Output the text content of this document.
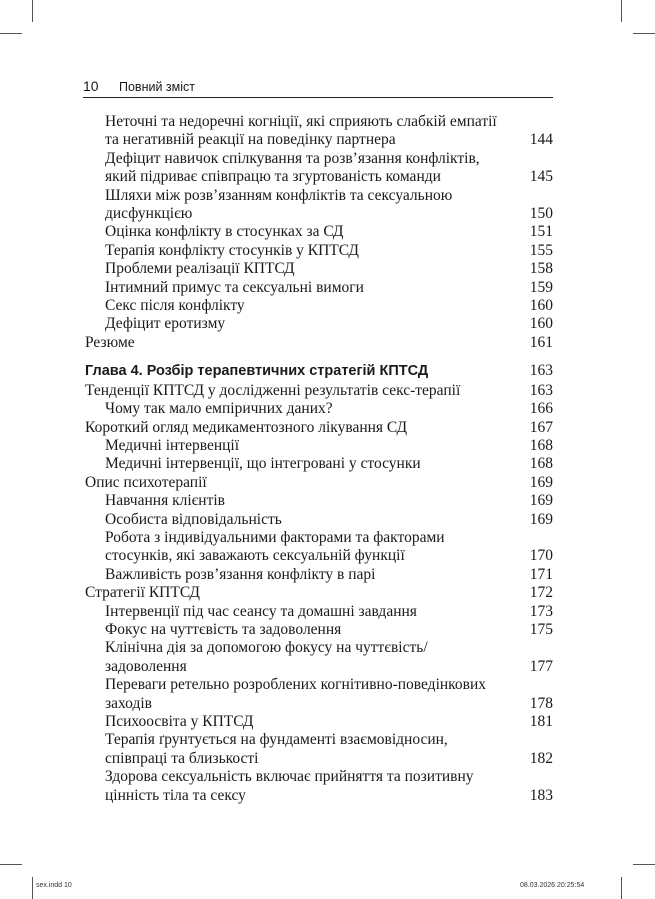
10 Повний зміст
Неточні та недоречні когніції, які сприяють слабкій емпатії та негативній реакції на поведінку партнера	144
Дефіцит навичок спілкування та розв’язання конфліктів, який підриває співпрацю та згуртованість команди	145
Шляхи між розв’язанням конфліктів та сексуальною дисфункцією	150
Оцінка конфлікту в стосунках за СД	151
Терапія конфлікту стосунків у КПТСД	155
Проблеми реалізації КПТСД	158
Інтимний примус та сексуальні вимоги	159
Секс після конфлікту	160
Дефіцит еротизму	160
Резюме	161
Глава 4. Розбір терапевтичних стратегій КПТСД	163
Тенденції КПТСД у дослідженні результатів секс-терапії	163
Чому так мало емпіричних даних?	166
Короткий огляд медикаментозного лікування СД	167
Медичні інтервенції	168
Медичні інтервенції, що інтегровані у стосунки	168
Опис психотерапії	169
Навчання клієнтів	169
Особиста відповідальність	169
Робота з індивідуальними факторами та факторами стосунків, які заважають сексуальній функції	170
Важливість розв’язання конфлікту в парі	171
Стратегії КПТСД	172
Інтервенції під час сеансу та домашні завдання	173
Фокус на чуттєвість та задоволення	175
Клінічна дія за допомогою фокусу на чуттєвість/задоволення	177
Переваги ретельно розроблених когнітивно-поведінкових заходів	178
Психоосвіта у КПТСД	181
Терапія ґрунтується на фундаменті взаємовідносин, співпраці та близькості	182
Здорова сексуальність включає прийняття та позитивну цінність тіла та сексу	183
sex.indd 10	08.03.2026 20:25:54
